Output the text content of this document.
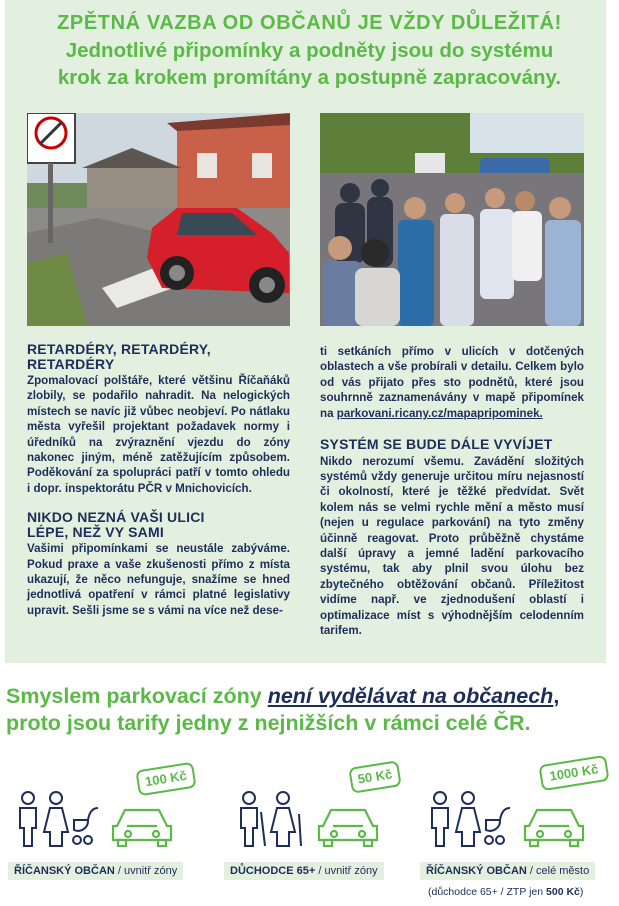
ZPĚTNÁ VAZBA OD OBČANŮ JE VŽDY DŮLEŽITÁ!
Jednotlivé připomínky a podněty jsou do systému
krok za krokem promítány a postupně zapracovány.
RETARDÉRY, RETARDÉRY,
RETARDÉRY

Zpomalovací polštáře, které většinu Říčaňáků zlobily, se podařilo nahradit. Na nelogických místech se navíc již vůbec neobjeví. Po nátlaku města vyřešil projektant požadavek normy i úředníků na zvýraznění vjezdu do zóny nakonec jiným, méně zatěžujícím způsobem. Poděkování za spolupráci patří v tomto ohledu i dopr. inspektorátu PČR v Mnichovicích.

NIKDO NEZNÁ VAŠI ULICI
LÉPE, NEŽ VY SAMI

Vašimi připomínkami se neustále zabýváme. Pokud praxe a vaše zkušenosti přímo z místa ukazují, že něco nefunguje, snažíme se hned jednotlivá opatření v rámci platné legislativy upravit. Sešli jsme se s vámi na více než dese-

ti setkáních přímo v ulicích v dotčených oblastech a vše probírali v detailu. Celkem bylo od vás přijato přes sto podnětů, které jsou souhrnně zaznamenávány v mapě připomínek na parkovani.ricany.cz/mapapripominek.

SYSTÉM SE BUDE DÁLE VYVÍJET

Nikdo nerozumí všemu. Zavádění složitých systémů vždy generuje určitou míru nejasností či okolností, které je těžké předvídat. Svět kolem nás se velmi rychle mění a město musí (nejen u regulace parkování) na tyto změny účinně reagovat. Proto průběžně chystáme další úpravy a jemné ladění parkovacího systému, tak aby plnil svou úlohu bez zbytečného obtěžování občanů. Příležitost vidíme např. ve zjednodušení oblastí i optimalizace míst s výhodnějším celodenním tarifem.

Smyslem parkovací zóny není vydělávat na občanech,
proto jsou tarify jedny z nejnižších v rámci celé ČR.
100 Kč
ŘÍČANSKÝ OBČAN / uvnitř zóny
50 Kč
DŮCHODCE 65+ / uvnitř zóny
1000 Kč
ŘÍČANSKÝ OBČAN / celé město
(důchodce 65+ / ZTP jen 500 Kč)
